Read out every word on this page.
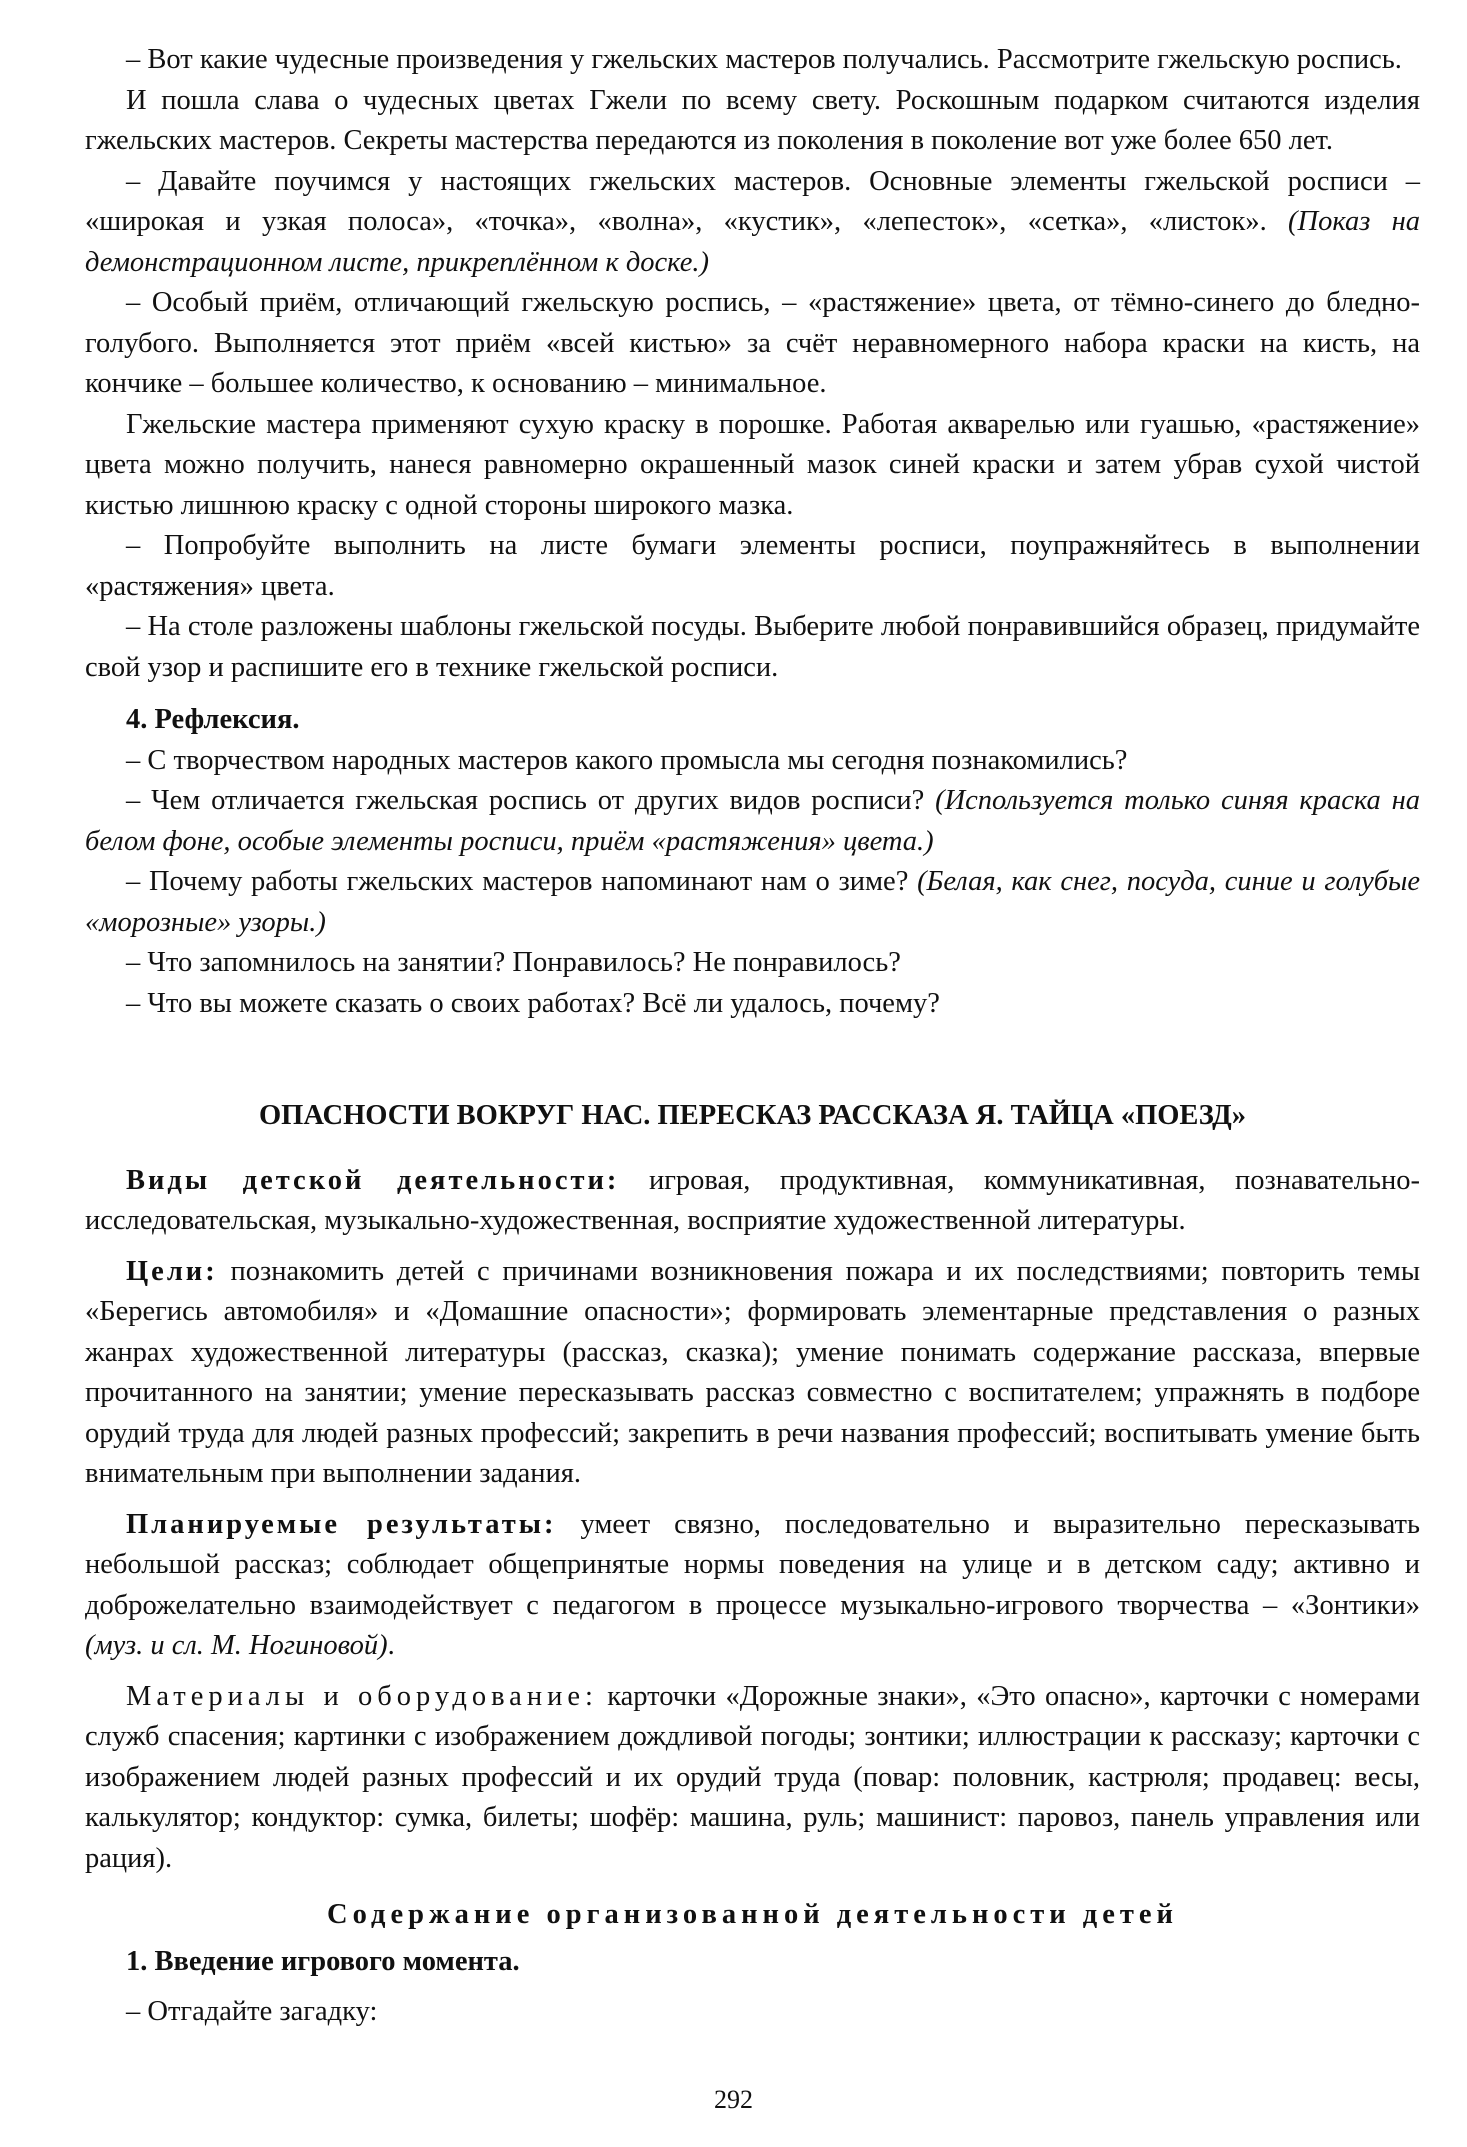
– Вот какие чудесные произведения у гжельских мастеров получались. Рассмотрите гжельскую роспись.

И пошла слава о чудесных цветах Гжели по всему свету. Роскошным подарком считаются изделия гжельских мастеров. Секреты мастерства передаются из поколения в поколение вот уже более 650 лет.

– Давайте поучимся у настоящих гжельских мастеров. Основные элементы гжельской росписи – «широкая и узкая полоса», «точка», «волна», «кустик», «лепесток», «сетка», «листок». (Показ на демонстрационном листе, прикреплённом к доске.)

– Особый приём, отличающий гжельскую роспись, – «растяжение» цвета, от тёмно-синего до бледно-голубого. Выполняется этот приём «всей кистью» за счёт неравномерного набора краски на кисть, на кончике – большее количество, к основанию – минимальное.

Гжельские мастера применяют сухую краску в порошке. Работая акварелью или гуашью, «растяжение» цвета можно получить, нанеся равномерно окрашенный мазок синей краски и затем убрав сухой чистой кистью лишнюю краску с одной стороны широкого мазка.

– Попробуйте выполнить на листе бумаги элементы росписи, поупражняйтесь в выполнении «растяжения» цвета.

– На столе разложены шаблоны гжельской посуды. Выберите любой понравившийся образец, придумайте свой узор и распишите его в технике гжельской росписи.

4. Рефлексия.

– С творчеством народных мастеров какого промысла мы сегодня познакомились?

– Чем отличается гжельская роспись от других видов росписи? (Используется только синяя краска на белом фоне, особые элементы росписи, приём «растяжения» цвета.)

– Почему работы гжельских мастеров напоминают нам о зиме? (Белая, как снег, посуда, синие и голубые «морозные» узоры.)

– Что запомнилось на занятии? Понравилось? Не понравилось?

– Что вы можете сказать о своих работах? Всё ли удалось, почему?

ОПАСНОСТИ ВОКРУГ НАС. ПЕРЕСКАЗ РАССКАЗА Я. ТАЙЦА «ПОЕЗД»

Виды детской деятельности: игровая, продуктивная, коммуникативная, познавательно-исследовательская, музыкально-художественная, восприятие художественной литературы.

Цели: познакомить детей с причинами возникновения пожара и их последствиями; повторить темы «Берегись автомобиля» и «Домашние опасности»; формировать элементарные представления о разных жанрах художественной литературы (рассказ, сказка); умение понимать содержание рассказа, впервые прочитанного на занятии; умение пересказывать рассказ совместно с воспитателем; упражнять в подборе орудий труда для людей разных профессий; закрепить в речи названия профессий; воспитывать умение быть внимательным при выполнении задания.

Планируемые результаты: умеет связно, последовательно и выразительно пересказывать небольшой рассказ; соблюдает общепринятые нормы поведения на улице и в детском саду; активно и доброжелательно взаимодействует с педагогом в процессе музыкально-игрового творчества – «Зонтики» (муз. и сл. М. Ногиновой).

Материалы и оборудование: карточки «Дорожные знаки», «Это опасно», карточки с номерами служб спасения; картинки с изображением дождливой погоды; зонтики; иллюстрации к рассказу; карточки с изображением людей разных профессий и их орудий труда (повар: половник, кастрюля; продавец: весы, калькулятор; кондуктор: сумка, билеты; шофёр: машина, руль; машинист: паровоз, панель управления или рация).

Содержание организованной деятельности детей

1. Введение игрового момента.

– Отгадайте загадку:

292
